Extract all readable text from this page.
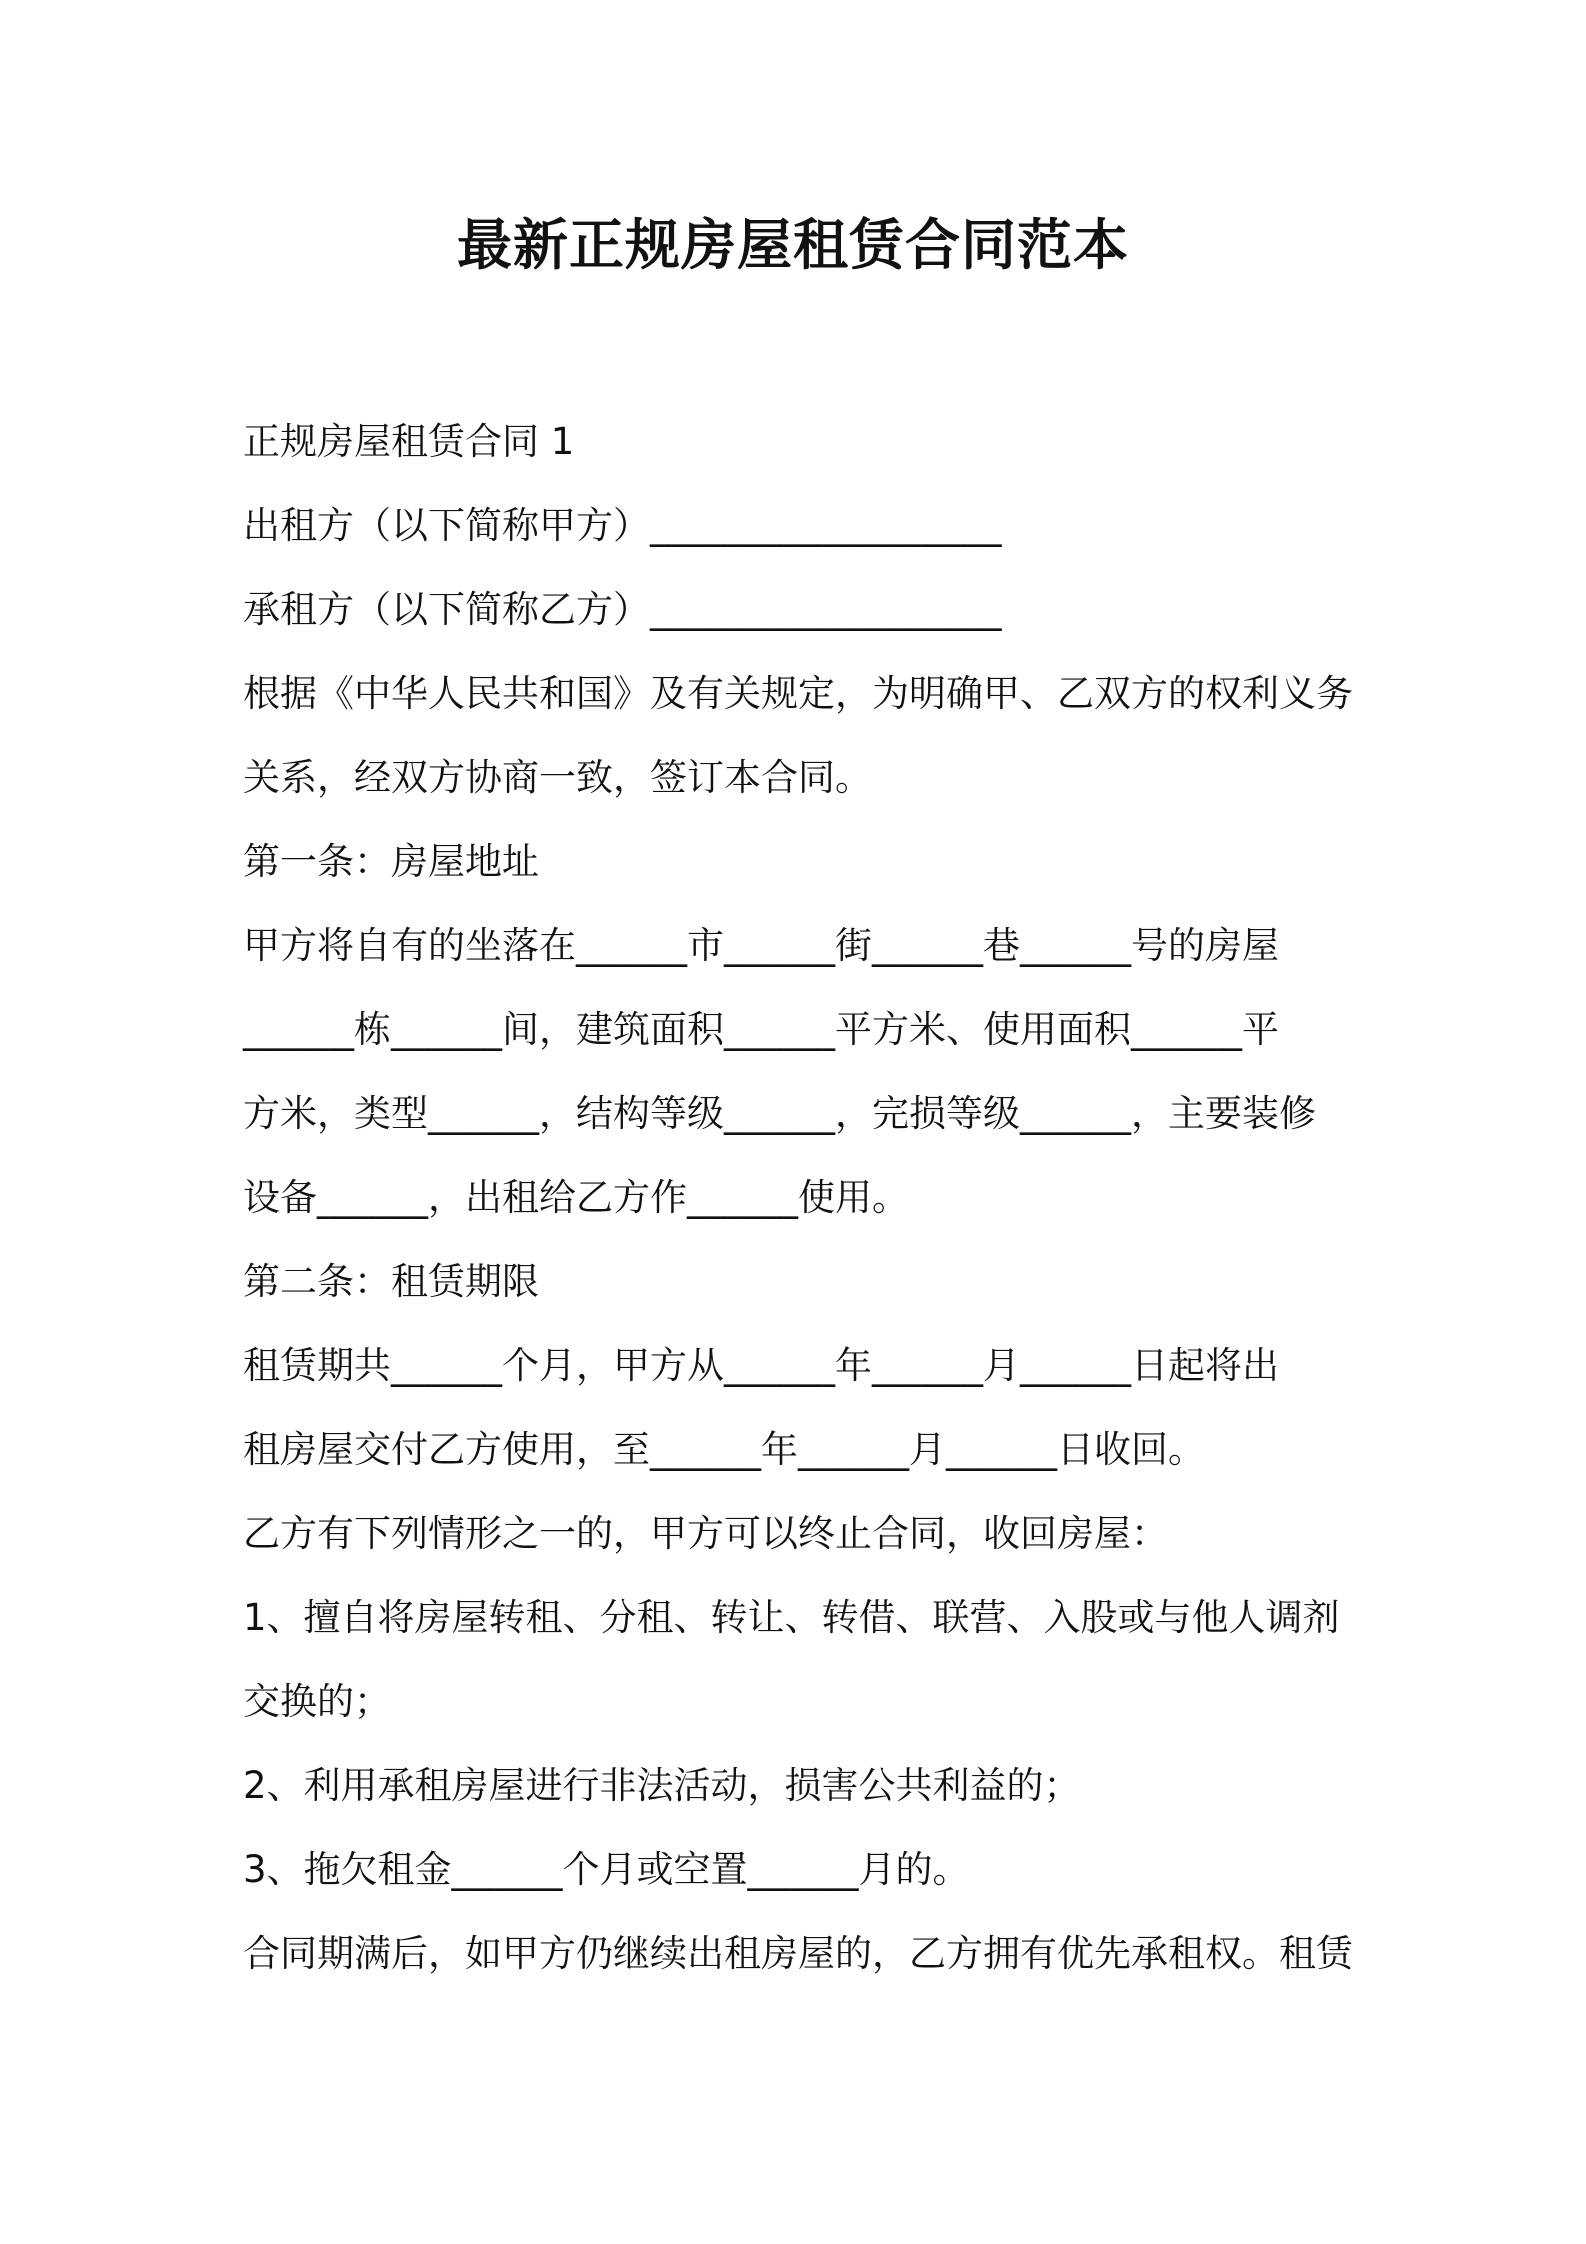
最新正规房屋租赁合同范本
正规房屋租赁合同 1
出租方（以下简称甲方）___________________
承租方（以下简称乙方）___________________
根据《中华人民共和国》及有关规定，为明确甲、乙双方的权利义务
关系，经双方协商一致，签订本合同。
第一条：房屋地址
甲方将自有的坐落在______市______街______巷______号的房屋
______栋______间，建筑面积______平方米、使用面积______平
方米，类型______，结构等级______，完损等级______，主要装修
设备______，出租给乙方作______使用。
第二条：租赁期限
租赁期共______个月，甲方从______年______月______日起将出
租房屋交付乙方使用，至______年______月______日收回。
乙方有下列情形之一的，甲方可以终止合同，收回房屋：
1、擅自将房屋转租、分租、转让、转借、联营、入股或与他人调剂
交换的；
2、利用承租房屋进行非法活动，损害公共利益的；
3、拖欠租金______个月或空置______月的。
合同期满后，如甲方仍继续出租房屋的，乙方拥有优先承租权。租赁
